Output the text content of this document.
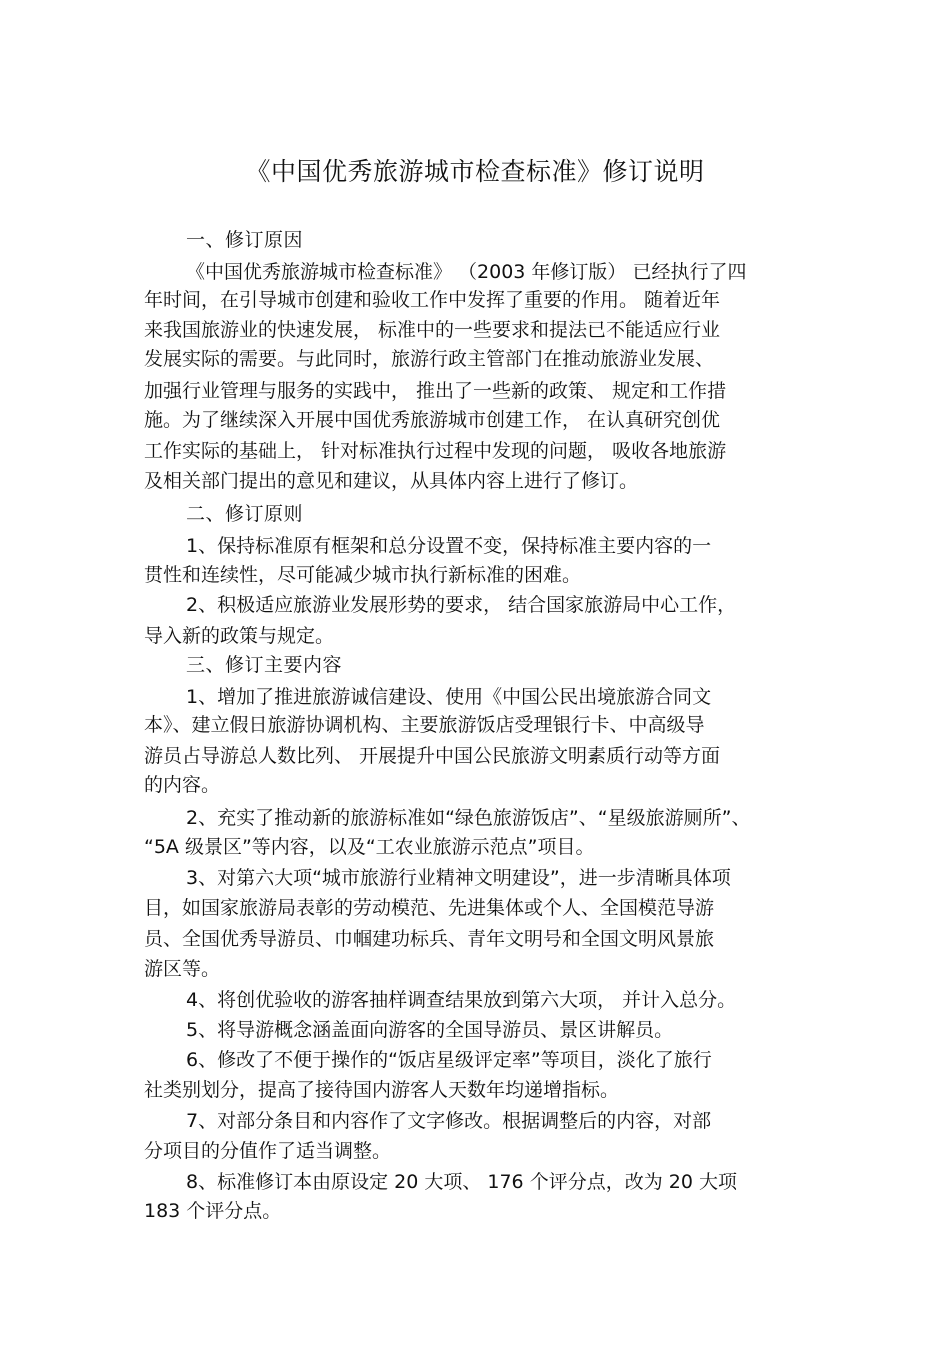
《中国优秀旅游城市检查标准》修订说明
一、修订原因
《中国优秀旅游城市检查标准》 （2003 年修订版） 已经执行了四
年时间，在引导城市创建和验收工作中发挥了重要的作用。 随着近年
来我国旅游业的快速发展， 标准中的一些要求和提法已不能适应行业
发展实际的需要。与此同时，旅游行政主管部门在推动旅游业发展、
加强行业管理与服务的实践中， 推出了一些新的政策、 规定和工作措
施。为了继续深入开展中国优秀旅游城市创建工作， 在认真研究创优
工作实际的基础上， 针对标准执行过程中发现的问题， 吸收各地旅游
及相关部门提出的意见和建议，从具体内容上进行了修订。
二、修订原则
1、保持标准原有框架和总分设置不变，保持标准主要内容的一
贯性和连续性，尽可能减少城市执行新标准的困难。
2、积极适应旅游业发展形势的要求， 结合国家旅游局中心工作，
导入新的政策与规定。
三、修订主要内容
1、增加了推进旅游诚信建设、使用《中国公民出境旅游合同文
本》、建立假日旅游协调机构、主要旅游饭店受理银行卡、中高级导
游员占导游总人数比列、 开展提升中国公民旅游文明素质行动等方面
的内容。
2、充实了推动新的旅游标准如“绿色旅游饭店”、“星级旅游厕所”、
“5A 级景区”等内容，以及“工农业旅游示范点”项目。
3、对第六大项“城市旅游行业精神文明建设”，进一步清晰具体项
目，如国家旅游局表彰的劳动模范、先进集体或个人、全国模范导游
员、全国优秀导游员、巾帼建功标兵、青年文明号和全国文明风景旅
游区等。
4、将创优验收的游客抽样调查结果放到第六大项， 并计入总分。
5、将导游概念涵盖面向游客的全国导游员、景区讲解员。
6、修改了不便于操作的“饭店星级评定率”等项目，淡化了旅行
社类别划分，提高了接待国内游客人天数年均递增指标。
7、对部分条目和内容作了文字修改。根据调整后的内容，对部
分项目的分值作了适当调整。
8、标准修订本由原设定 20 大项、 176 个评分点，改为 20 大项
183 个评分点。
